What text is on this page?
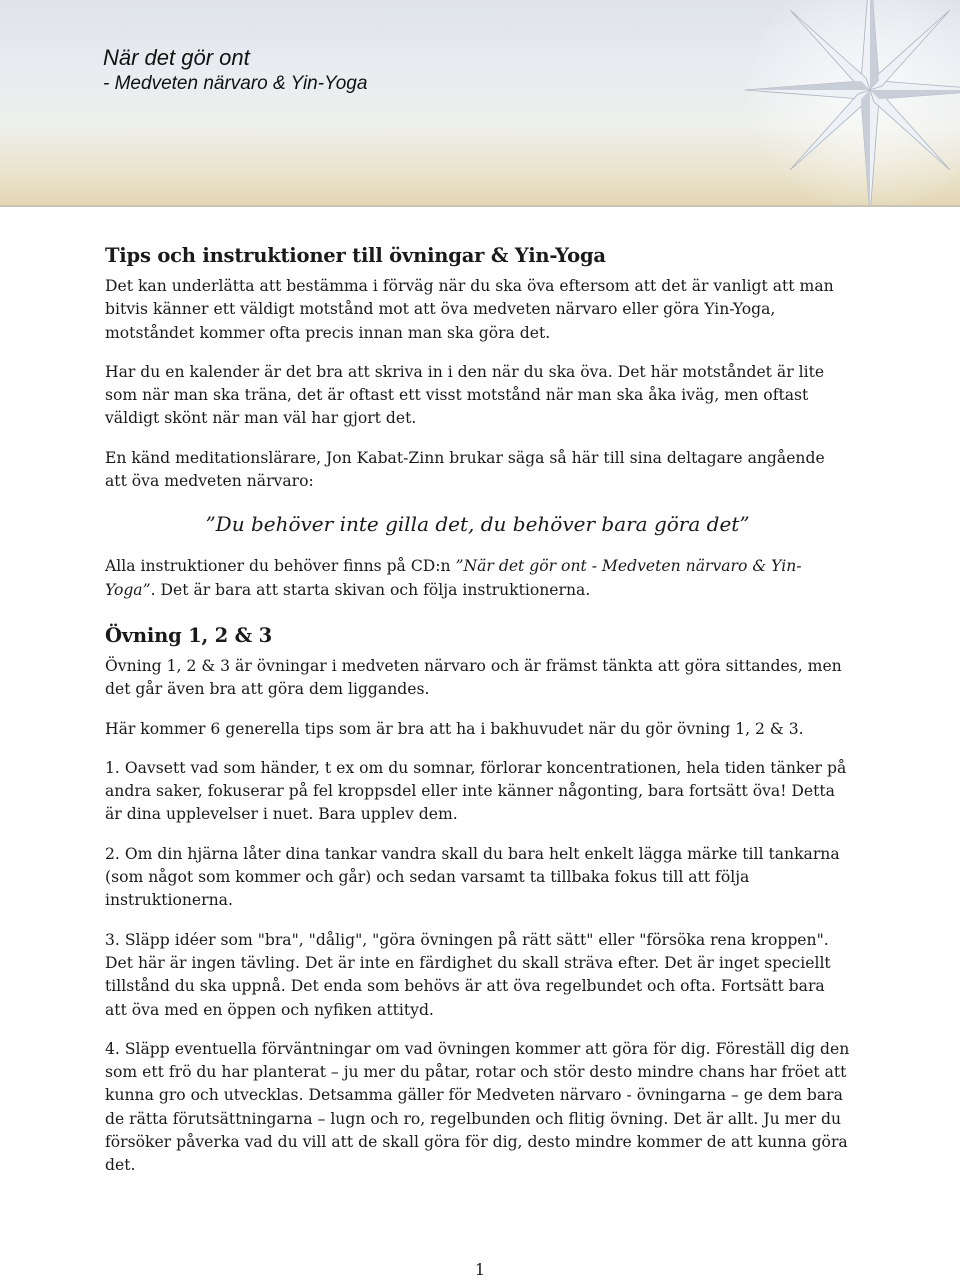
När det gör ont
- Medveten närvaro & Yin-Yoga
Tips och instruktioner till övningar & Yin-Yoga

Det kan underlätta att bestämma i förväg när du ska öva eftersom att det är vanligt att man bitvis känner ett väldigt motstånd mot att öva medveten närvaro eller göra Yin-Yoga, motståndet kommer ofta precis innan man ska göra det.

Har du en kalender är det bra att skriva in i den när du ska öva. Det här motståndet är lite som när man ska träna, det är oftast ett visst motstånd när man ska åka iväg, men oftast väldigt skönt när man väl har gjort det.

En känd meditationslärare, Jon Kabat-Zinn brukar säga så här till sina deltagare angående att öva medveten närvaro:

”Du behöver inte gilla det, du behöver bara göra det”

Alla instruktioner du behöver finns på CD:n ”När det gör ont - Medveten närvaro & Yin-Yoga”. Det är bara att starta skivan och följa instruktionerna.

Övning 1, 2 & 3

Övning 1, 2 & 3 är övningar i medveten närvaro och är främst tänkta att göra sittandes, men det går även bra att göra dem liggandes.

Här kommer 6 generella tips som är bra att ha i bakhuvudet när du gör övning 1, 2 & 3.

1. Oavsett vad som händer, t ex om du somnar, förlorar koncentrationen, hela tiden tänker på andra saker, fokuserar på fel kroppsdel eller inte känner någonting, bara fortsätt öva! Detta är dina upplevelser i nuet. Bara upplev dem.

2. Om din hjärna låter dina tankar vandra skall du bara helt enkelt lägga märke till tankarna (som något som kommer och går) och sedan varsamt ta tillbaka fokus till att följa instruktionerna.

3. Släpp idéer som "bra", "dålig", "göra övningen på rätt sätt" eller "försöka rena kroppen". Det här är ingen tävling. Det är inte en färdighet du skall sträva efter. Det är inget speciellt tillstånd du ska uppnå. Det enda som behövs är att öva regelbundet och ofta. Fortsätt bara att öva med en öppen och nyfiken attityd.

4. Släpp eventuella förväntningar om vad övningen kommer att göra för dig. Föreställ dig den som ett frö du har planterat – ju mer du påtar, rotar och stör desto mindre chans har fröet att kunna gro och utvecklas. Detsamma gäller för Medveten närvaro - övningarna – ge dem bara de rätta förutsättningarna – lugn och ro, regelbunden och flitig övning. Det är allt. Ju mer du försöker påverka vad du vill att de skall göra för dig, desto mindre kommer de att kunna göra det.

1
